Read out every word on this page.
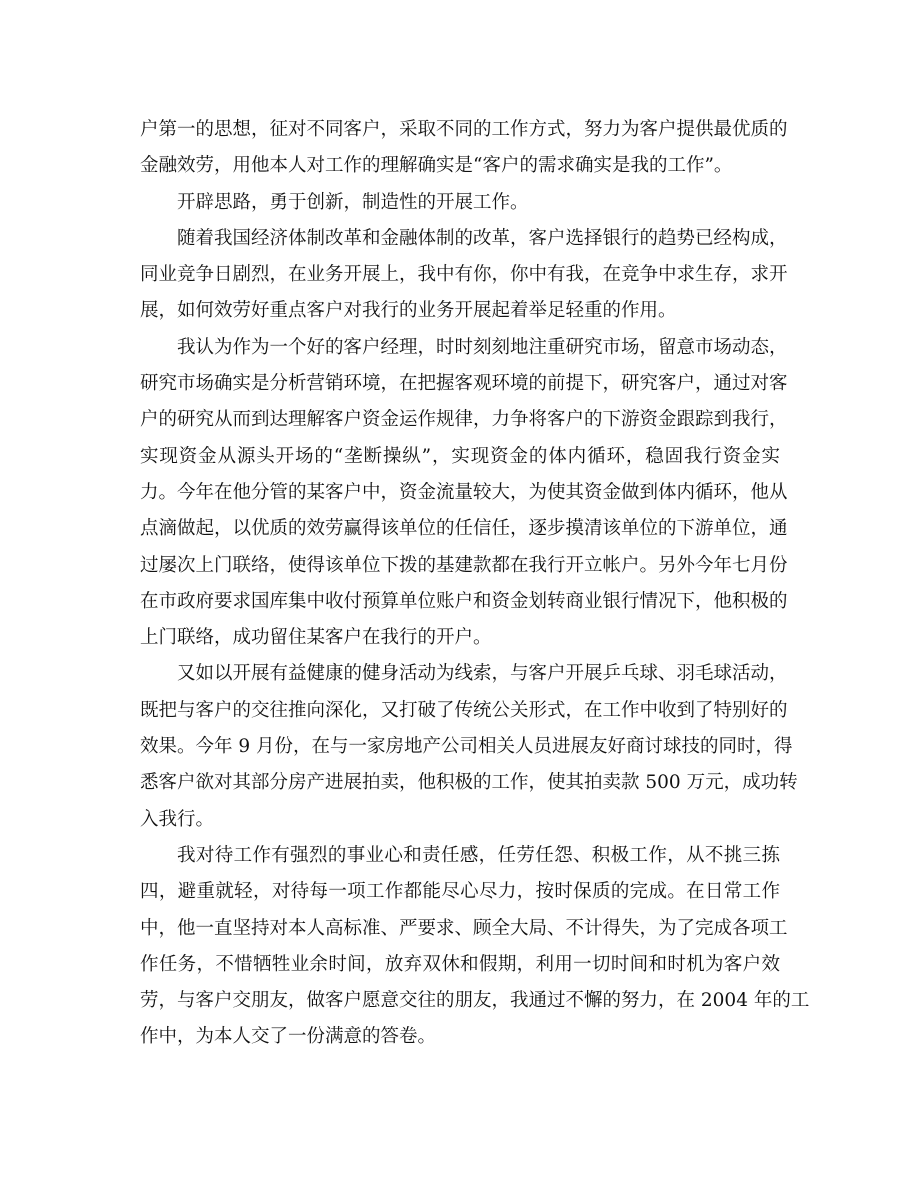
户第一的思想，征对不同客户，采取不同的工作方式，努力为客户提供最优质的
金融效劳，用他本人对工作的理解确实是“客户的需求确实是我的工作”。
开辟思路，勇于创新，制造性的开展工作。
随着我国经济体制改革和金融体制的改革，客户选择银行的趋势已经构成，
同业竞争日剧烈，在业务开展上，我中有你，你中有我，在竞争中求生存，求开
展，如何效劳好重点客户对我行的业务开展起着举足轻重的作用。
我认为作为一个好的客户经理，时时刻刻地注重研究市场，留意市场动态，
研究市场确实是分析营销环境，在把握客观环境的前提下，研究客户，通过对客
户的研究从而到达理解客户资金运作规律，力争将客户的下游资金跟踪到我行，
实现资金从源头开场的“垄断操纵”，实现资金的体内循环，稳固我行资金实
力。今年在他分管的某客户中，资金流量较大，为使其资金做到体内循环，他从
点滴做起，以优质的效劳赢得该单位的任信任，逐步摸清该单位的下游单位，通
过屡次上门联络，使得该单位下拨的基建款都在我行开立帐户。另外今年七月份
在市政府要求国库集中收付预算单位账户和资金划转商业银行情况下，他积极的
上门联络，成功留住某客户在我行的开户。
又如以开展有益健康的健身活动为线索，与客户开展乒乓球、羽毛球活动，
既把与客户的交往推向深化，又打破了传统公关形式，在工作中收到了特别好的
效果。今年 9 月份，在与一家房地产公司相关人员进展友好商讨球技的同时，得
悉客户欲对其部分房产进展拍卖，他积极的工作，使其拍卖款 500 万元，成功转
入我行。
我对待工作有强烈的事业心和责任感，任劳任怨、积极工作，从不挑三拣
四，避重就轻，对待每一项工作都能尽心尽力，按时保质的完成。在日常工作
中，他一直坚持对本人高标准、严要求、顾全大局、不计得失，为了完成各项工
作任务，不惜牺牲业余时间，放弃双休和假期，利用一切时间和时机为客户效
劳，与客户交朋友，做客户愿意交往的朋友，我通过不懈的努力，在 2004 年的工
作中，为本人交了一份满意的答卷。
